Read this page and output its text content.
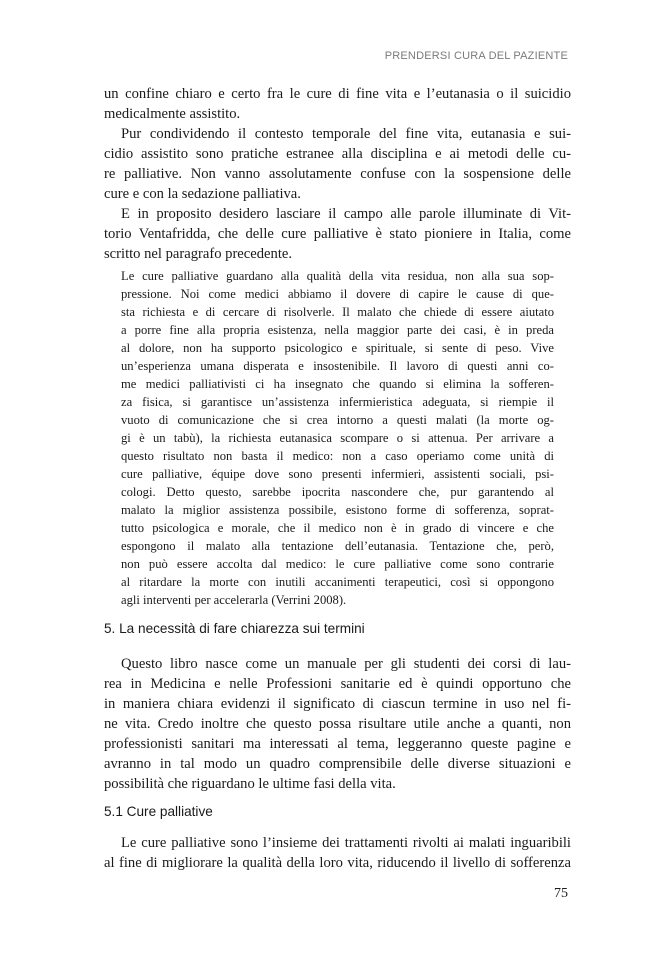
PRENDERSI CURA DEL PAZIENTE
un confine chiaro e certo fra le cure di fine vita e l’eutanasia o il suicidio
medicalmente assistito.
Pur condividendo il contesto temporale del fine vita, eutanasia e sui-
cidio assistito sono pratiche estranee alla disciplina e ai metodi delle cu-
re palliative. Non vanno assolutamente confuse con la sospensione delle
cure e con la sedazione palliativa.
E in proposito desidero lasciare il campo alle parole illuminate di Vit-
torio Ventafridda, che delle cure palliative è stato pioniere in Italia, come
scritto nel paragrafo precedente.
Le cure palliative guardano alla qualità della vita residua, non alla sua sop-
pressione. Noi come medici abbiamo il dovere di capire le cause di que-
sta richiesta e di cercare di risolverle. Il malato che chiede di essere aiutato
a porre fine alla propria esistenza, nella maggior parte dei casi, è in preda
al dolore, non ha supporto psicologico e spirituale, si sente di peso. Vive
un’esperienza umana disperata e insostenibile. Il lavoro di questi anni co-
me medici palliativisti ci ha insegnato che quando si elimina la sofferen-
za fisica, si garantisce un’assistenza infermieristica adeguata, si riempie il
vuoto di comunicazione che si crea intorno a questi malati (la morte og-
gi è un tabù), la richiesta eutanasica scompare o si attenua. Per arrivare a
questo risultato non basta il medico: non a caso operiamo come unità di
cure palliative, équipe dove sono presenti infermieri, assistenti sociali, psi-
cologi. Detto questo, sarebbe ipocrita nascondere che, pur garantendo al
malato la miglior assistenza possibile, esistono forme di sofferenza, soprat-
tutto psicologica e morale, che il medico non è in grado di vincere e che
espongono il malato alla tentazione dell’eutanasia. Tentazione che, però,
non può essere accolta dal medico: le cure palliative come sono contrarie
al ritardare la morte con inutili accanimenti terapeutici, così si oppongono
agli interventi per accelerarla (Verrini 2008).
5. La necessità di fare chiarezza sui termini
Questo libro nasce come un manuale per gli studenti dei corsi di lau-
rea in Medicina e nelle Professioni sanitarie ed è quindi opportuno che
in maniera chiara evidenzi il significato di ciascun termine in uso nel fi-
ne vita. Credo inoltre che questo possa risultare utile anche a quanti, non
professionisti sanitari ma interessati al tema, leggeranno queste pagine e
avranno in tal modo un quadro comprensibile delle diverse situazioni e
possibilità che riguardano le ultime fasi della vita.
5.1 Cure palliative
Le cure palliative sono l’insieme dei trattamenti rivolti ai malati inguaribili
al fine di migliorare la qualità della loro vita, riducendo il livello di sofferenza
75
